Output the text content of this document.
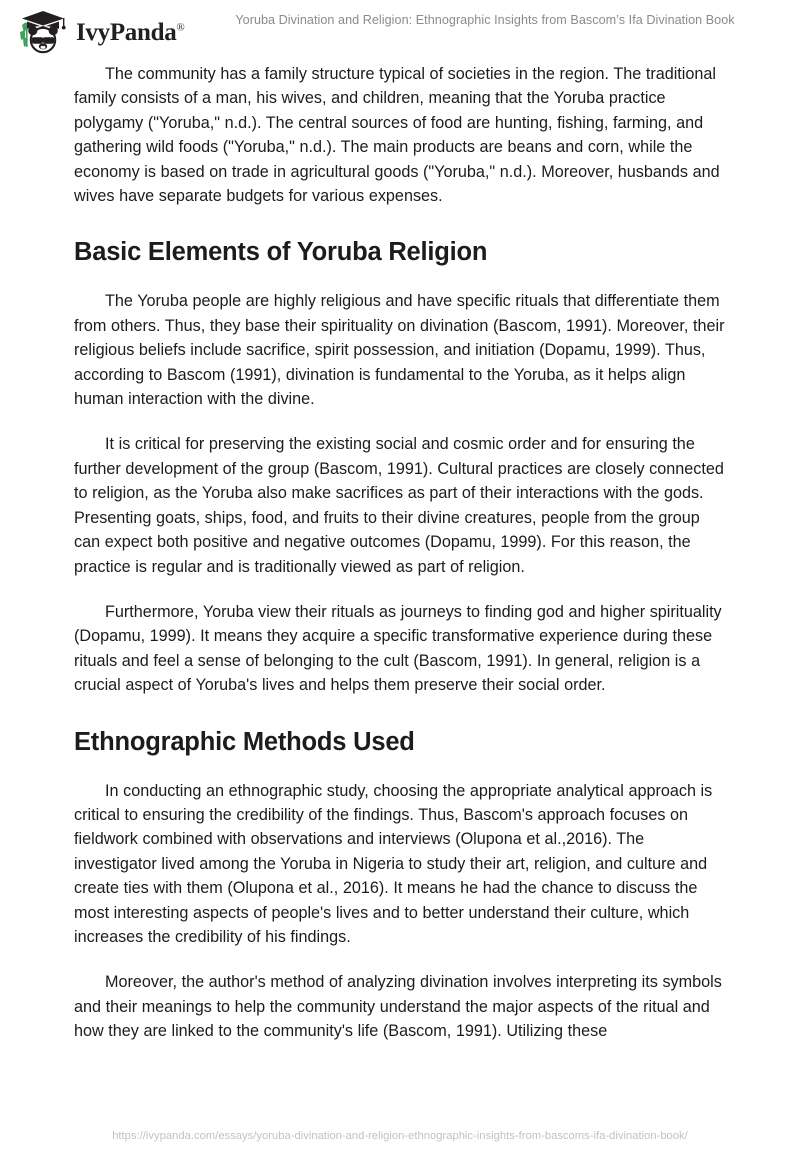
IvyPanda®
Yoruba Divination and Religion: Ethnographic Insights from Bascom’s Ifa Divination Book

The community has a family structure typical of societies in the region. The traditional family consists of a man, his wives, and children, meaning that the Yoruba practice polygamy ("Yoruba," n.d.). The central sources of food are hunting, fishing, farming, and gathering wild foods ("Yoruba," n.d.). The main products are beans and corn, while the economy is based on trade in agricultural goods ("Yoruba," n.d.). Moreover, husbands and wives have separate budgets for various expenses.

Basic Elements of Yoruba Religion

The Yoruba people are highly religious and have specific rituals that differentiate them from others. Thus, they base their spirituality on divination (Bascom, 1991). Moreover, their religious beliefs include sacrifice, spirit possession, and initiation (Dopamu, 1999). Thus, according to Bascom (1991), divination is fundamental to the Yoruba, as it helps align human interaction with the divine.

It is critical for preserving the existing social and cosmic order and for ensuring the further development of the group (Bascom, 1991). Cultural practices are closely connected to religion, as the Yoruba also make sacrifices as part of their interactions with the gods. Presenting goats, ships, food, and fruits to their divine creatures, people from the group can expect both positive and negative outcomes (Dopamu, 1999). For this reason, the practice is regular and is traditionally viewed as part of religion.

Furthermore, Yoruba view their rituals as journeys to finding god and higher spirituality (Dopamu, 1999). It means they acquire a specific transformative experience during these rituals and feel a sense of belonging to the cult (Bascom, 1991). In general, religion is a crucial aspect of Yoruba's lives and helps them preserve their social order.

Ethnographic Methods Used

In conducting an ethnographic study, choosing the appropriate analytical approach is critical to ensuring the credibility of the findings. Thus, Bascom's approach focuses on fieldwork combined with observations and interviews (Olupona et al.,2016). The investigator lived among the Yoruba in Nigeria to study their art, religion, and culture and create ties with them (Olupona et al., 2016). It means he had the chance to discuss the most interesting aspects of people's lives and to better understand their culture, which increases the credibility of his findings.

Moreover, the author's method of analyzing divination involves interpreting its symbols and their meanings to help the community understand the major aspects of the ritual and how they are linked to the community's life (Bascom, 1991). Utilizing these

https://ivypanda.com/essays/yoruba-divination-and-religion-ethnographic-insights-from-bascoms-ifa-divination-book/
